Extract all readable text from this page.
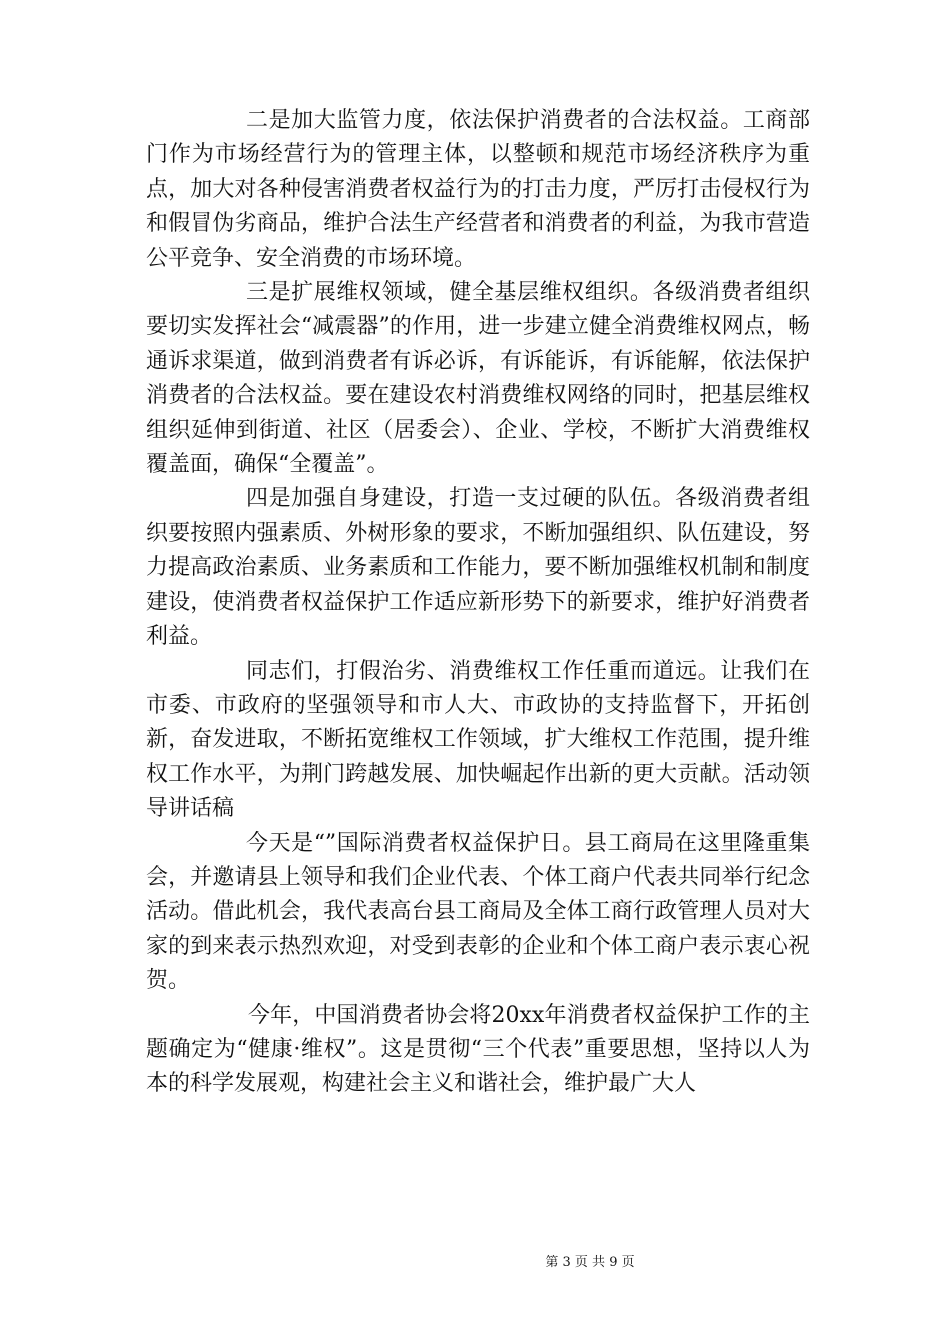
二是加大监管力度，依法保护消费者的合法权益。工商部门作为市场经营行为的管理主体，以整顿和规范市场经济秩序为重点，加大对各种侵害消费者权益行为的打击力度，严厉打击侵权行为和假冒伪劣商品，维护合法生产经营者和消费者的利益，为我市营造公平竞争、安全消费的市场环境。

三是扩展维权领域，健全基层维权组织。各级消费者组织要切实发挥社会“减震器”的作用，进一步建立健全消费维权网点，畅通诉求渠道，做到消费者有诉必诉，有诉能诉，有诉能解，依法保护消费者的合法权益。要在建设农村消费维权网络的同时，把基层维权组织延伸到街道、社区（居委会）、企业、学校，不断扩大消费维权覆盖面，确保“全覆盖”。

四是加强自身建设，打造一支过硬的队伍。各级消费者组织要按照内强素质、外树形象的要求，不断加强组织、队伍建设，努力提高政治素质、业务素质和工作能力，要不断加强维权机制和制度建设，使消费者权益保护工作适应新形势下的新要求，维护好消费者利益。

同志们，打假治劣、消费维权工作任重而道远。让我们在市委、市政府的坚强领导和市人大、市政协的支持监督下，开拓创新，奋发进取，不断拓宽维权工作领域，扩大维权工作范围，提升维权工作水平，为荆门跨越发展、加快崛起作出新的更大贡献。活动领导讲话稿

今天是“”国际消费者权益保护日。县工商局在这里隆重集会，并邀请县上领导和我们企业代表、个体工商户代表共同举行纪念活动。借此机会，我代表高台县工商局及全体工商行政管理人员对大家的到来表示热烈欢迎，对受到表彰的企业和个体工商户表示衷心祝贺。

今年，中国消费者协会将20xx年消费者权益保护工作的主题确定为“健康·维权”。这是贯彻“三个代表”重要思想，坚持以人为本的科学发展观，构建社会主义和谐社会，维护最广大人

第 3 页 共 9 页
